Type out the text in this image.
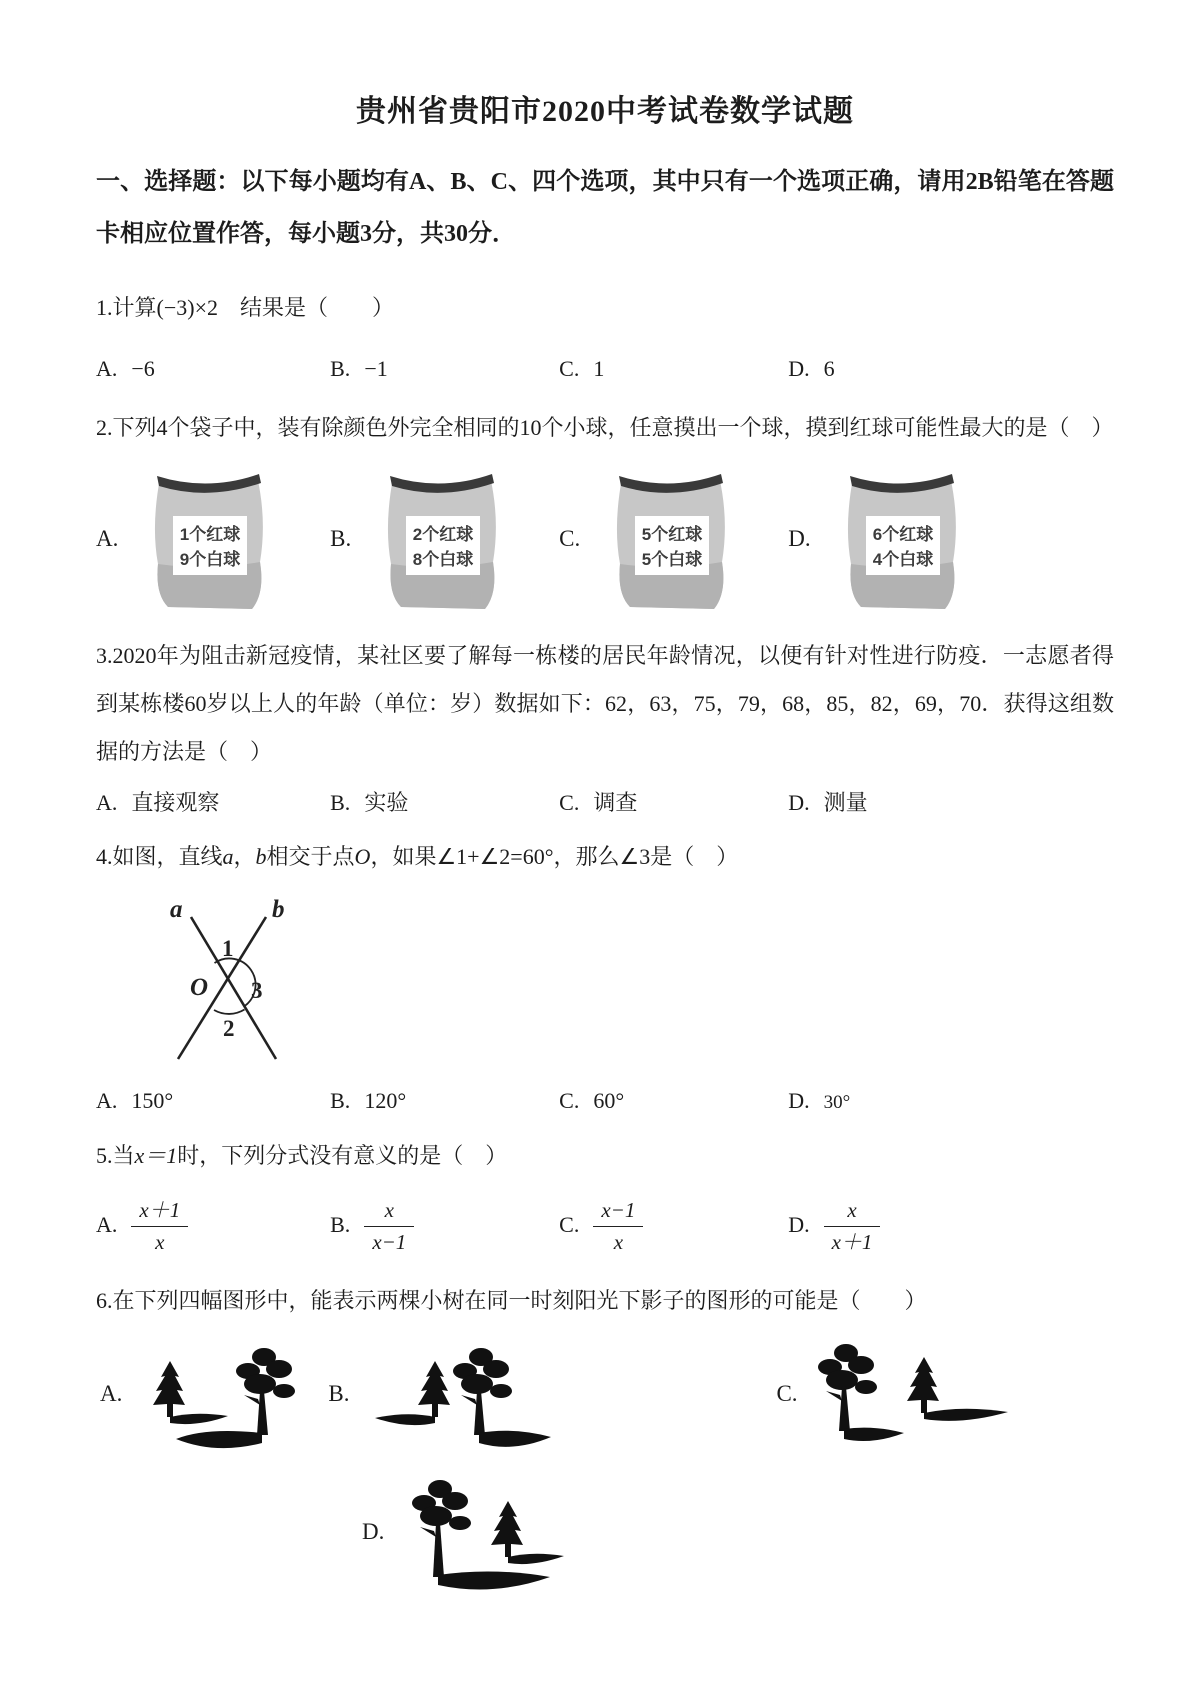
贵州省贵阳市2020中考试卷数学试题

一、选择题：以下每小题均有A、B、C、四个选项，其中只有一个选项正确，请用2B铅笔在答题卡相应位置作答，每小题3分，共30分．

1.计算(−3)×2　结果是（　　）

A. −6	B. −1	C. 1	D. 6

2.下列4个袋子中，装有除颜色外完全相同的10个小球，任意摸出一个球，摸到红球可能性最大的是（　）

A.	1个红球
9个白球
B.	2个红球
8个白球
C.	5个红球
5个白球
D.	6个红球
4个白球

3.2020年为阻击新冠疫情，某社区要了解每一栋楼的居民年龄情况，以便有针对性进行防疫．一志愿者得到某栋楼60岁以上人的年龄（单位：岁）数据如下：62，63，75，79，68，85，82，69，70．获得这组数据的方法是（　）

A. 直接观察	B. 实验	C. 调查	D. 测量

4.如图，直线a，b相交于点O，如果∠1+∠2=60°，那么∠3是（　）

a	b
1
O 3
2
A. 150°	B. 120°	C. 60°	D. 30°

5.当x＝1时，下列分式没有意义的是（　）

A. $\frac{x+1}{x}$	B. $\frac{x}{x-1}$	C. $\frac{x-1}{x}$	D. $\frac{x}{x+1}$

6.在下列四幅图形中，能表示两棵小树在同一时刻阳光下影子的图形的可能是（　　）

A.	B.	C.
D.
